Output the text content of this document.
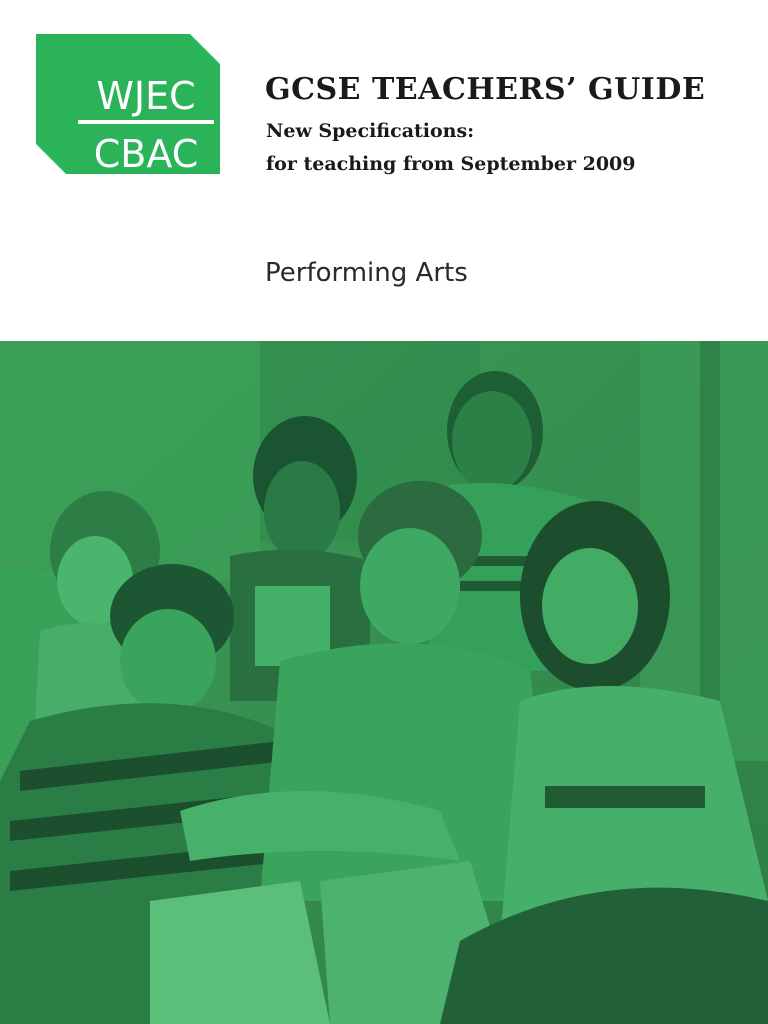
WJEC
CBAC
GCSE TEACHERS’ GUIDE
New Specifications:
for teaching from September 2009
Performing Arts
